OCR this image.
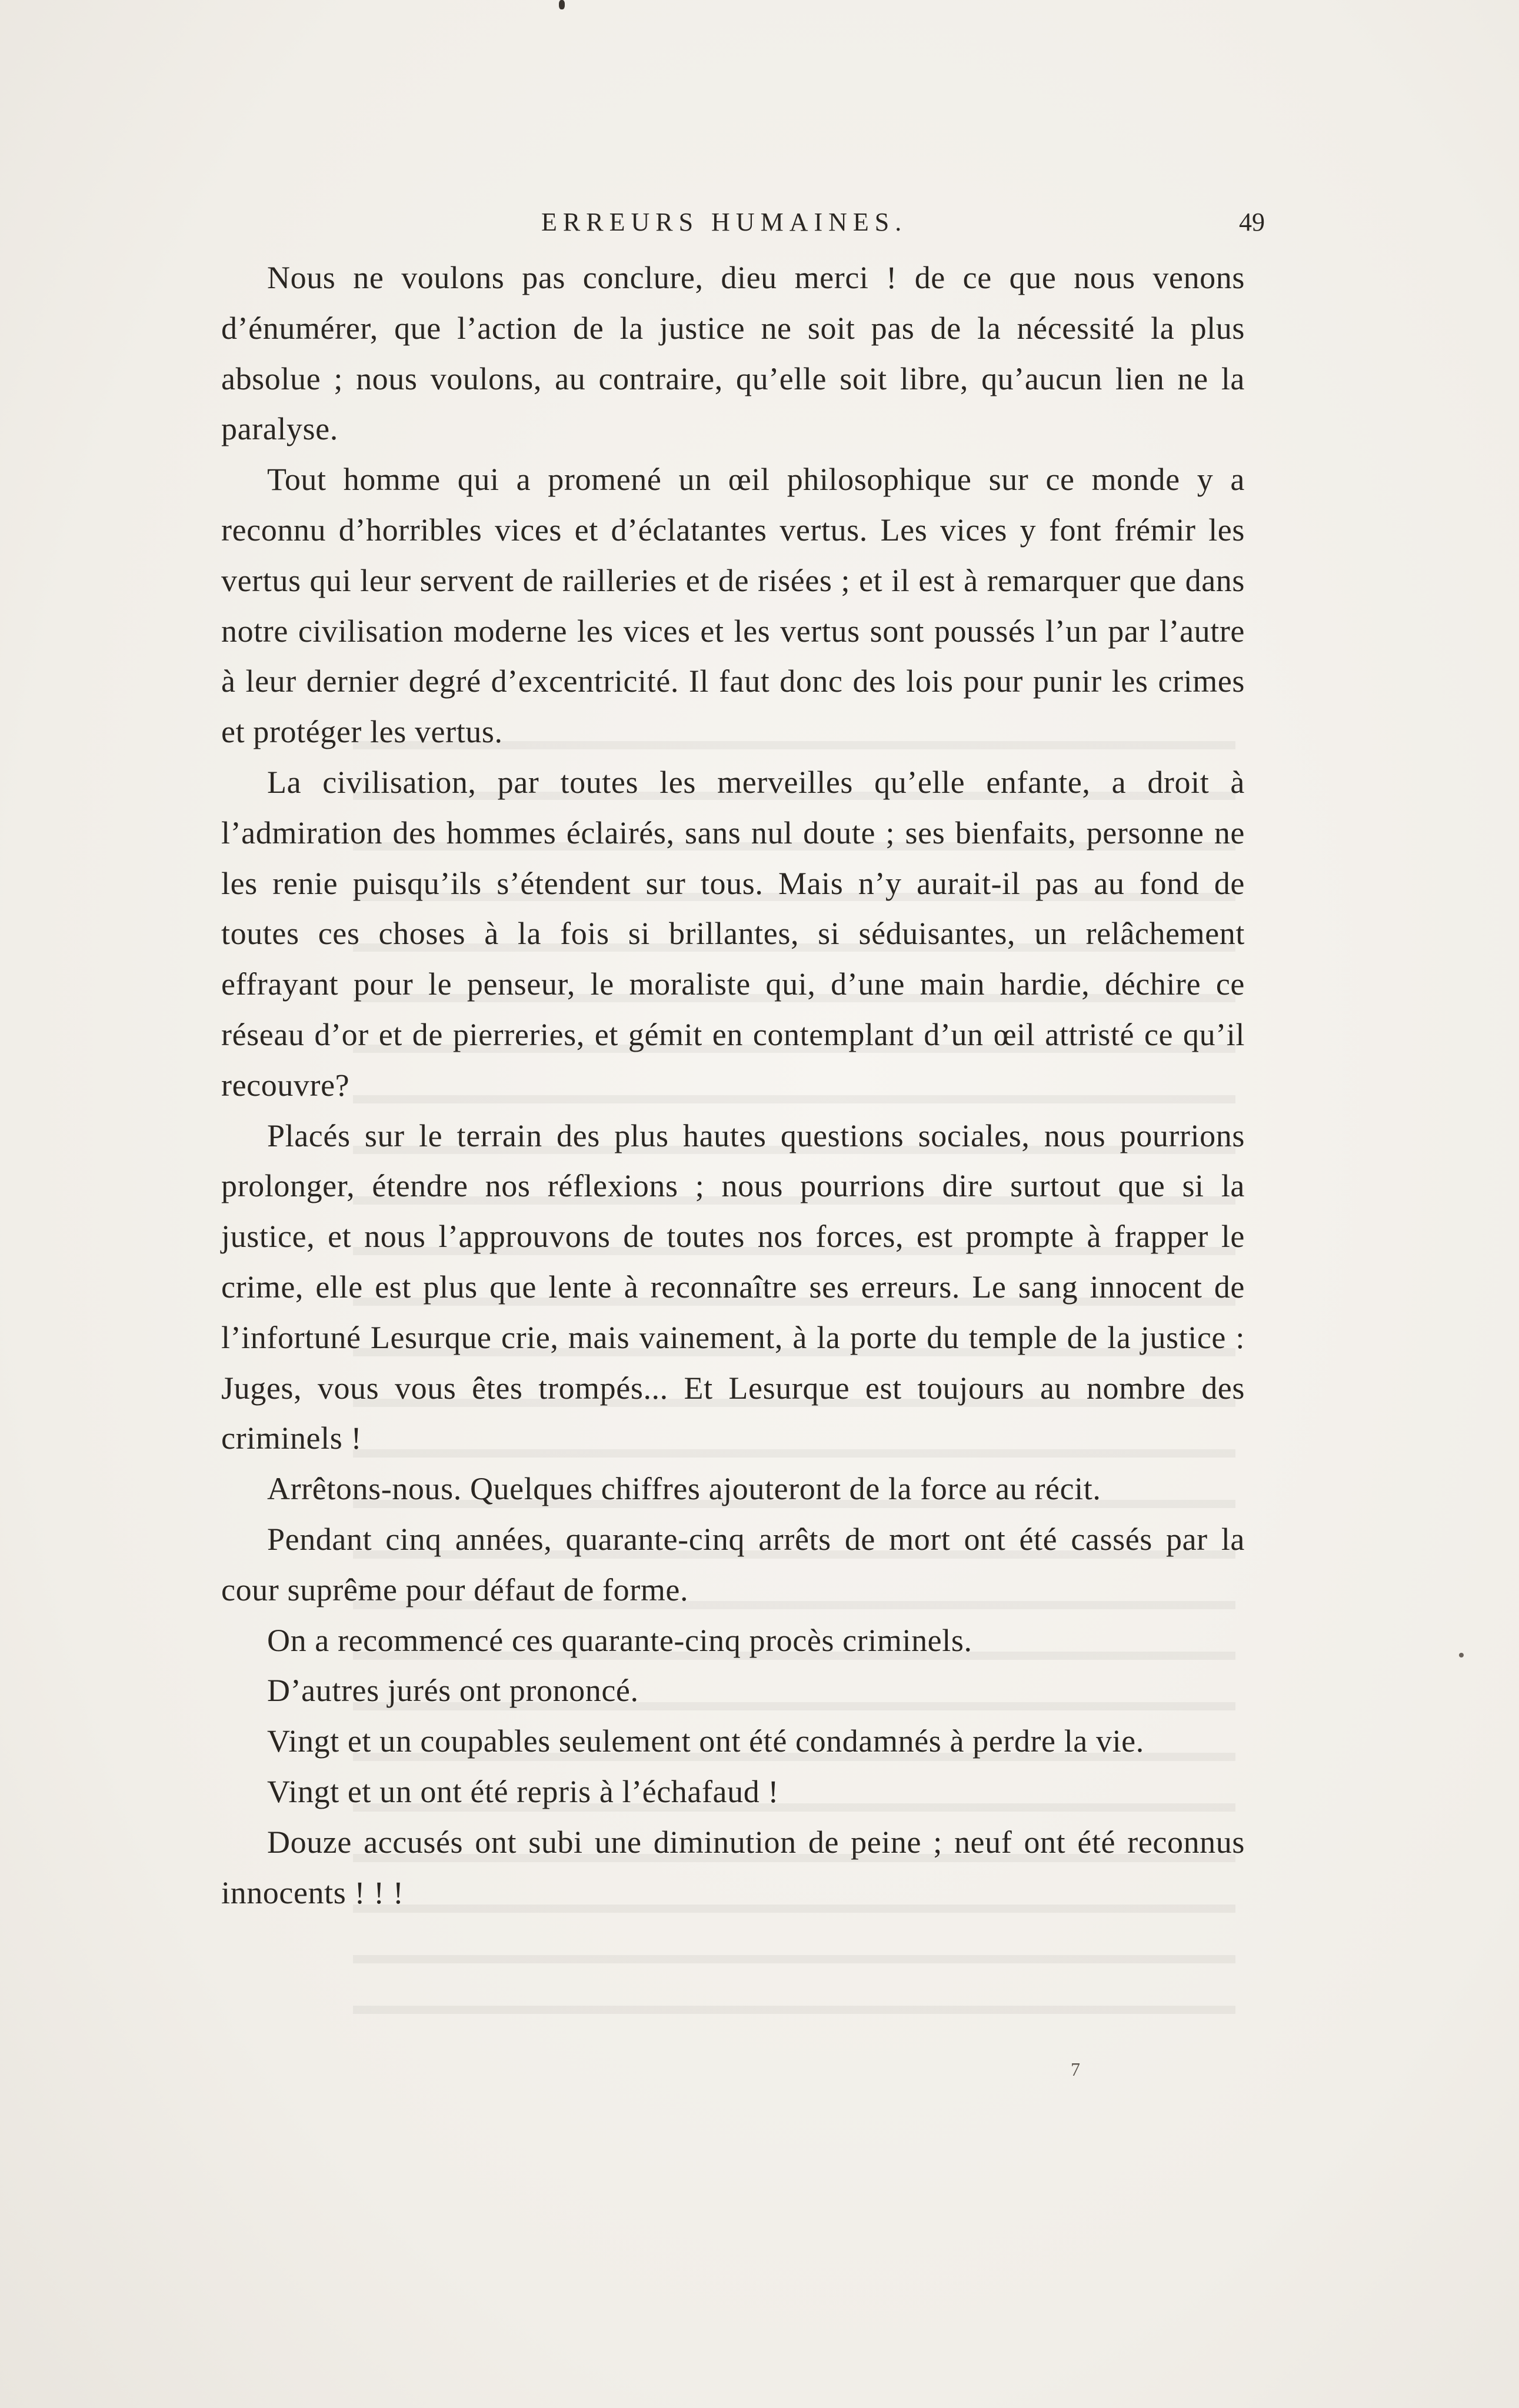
ERREURS HUMAINES.	49

Nous ne voulons pas conclure, dieu merci ! de ce que nous venons d’énumérer, que l’action de la justice ne soit pas de la nécessité la plus absolue ; nous voulons, au contraire, qu’elle soit libre, qu’aucun lien ne la paralyse.

Tout homme qui a promené un œil philosophique sur ce monde y a reconnu d’horribles vices et d’éclatantes vertus. Les vices y font frémir les vertus qui leur servent de railleries et de risées ; et il est à remarquer que dans notre civilisation moderne les vices et les vertus sont poussés l’un par l’autre à leur dernier degré d’excentricité. Il faut donc des lois pour punir les crimes et protéger les vertus.

La civilisation, par toutes les merveilles qu’elle enfante, a droit à l’admiration des hommes éclairés, sans nul doute ; ses bienfaits, personne ne les renie puisqu’ils s’étendent sur tous. Mais n’y aurait-il pas au fond de toutes ces choses à la fois si brillantes, si séduisantes, un relâchement effrayant pour le penseur, le moraliste qui, d’une main hardie, déchire ce réseau d’or et de pierreries, et gémit en contemplant d’un œil attristé ce qu’il recouvre?

Placés sur le terrain des plus hautes questions sociales, nous pourrions prolonger, étendre nos réflexions ; nous pourrions dire surtout que si la justice, et nous l’approuvons de toutes nos forces, est prompte à frapper le crime, elle est plus que lente à reconnaître ses erreurs. Le sang innocent de l’infortuné Lesurque crie, mais vainement, à la porte du temple de la justice : Juges, vous vous êtes trompés... Et Lesurque est toujours au nombre des criminels !

Arrêtons-nous. Quelques chiffres ajouteront de la force au récit.

Pendant cinq années, quarante-cinq arrêts de mort ont été cassés par la cour suprême pour défaut de forme.

On a recommencé ces quarante-cinq procès criminels.

D’autres jurés ont prononcé.

Vingt et un coupables seulement ont été condamnés à perdre la vie.

Vingt et un ont été repris à l’échafaud !

Douze accusés ont subi une diminution de peine ; neuf ont été reconnus innocents ! ! !

7
